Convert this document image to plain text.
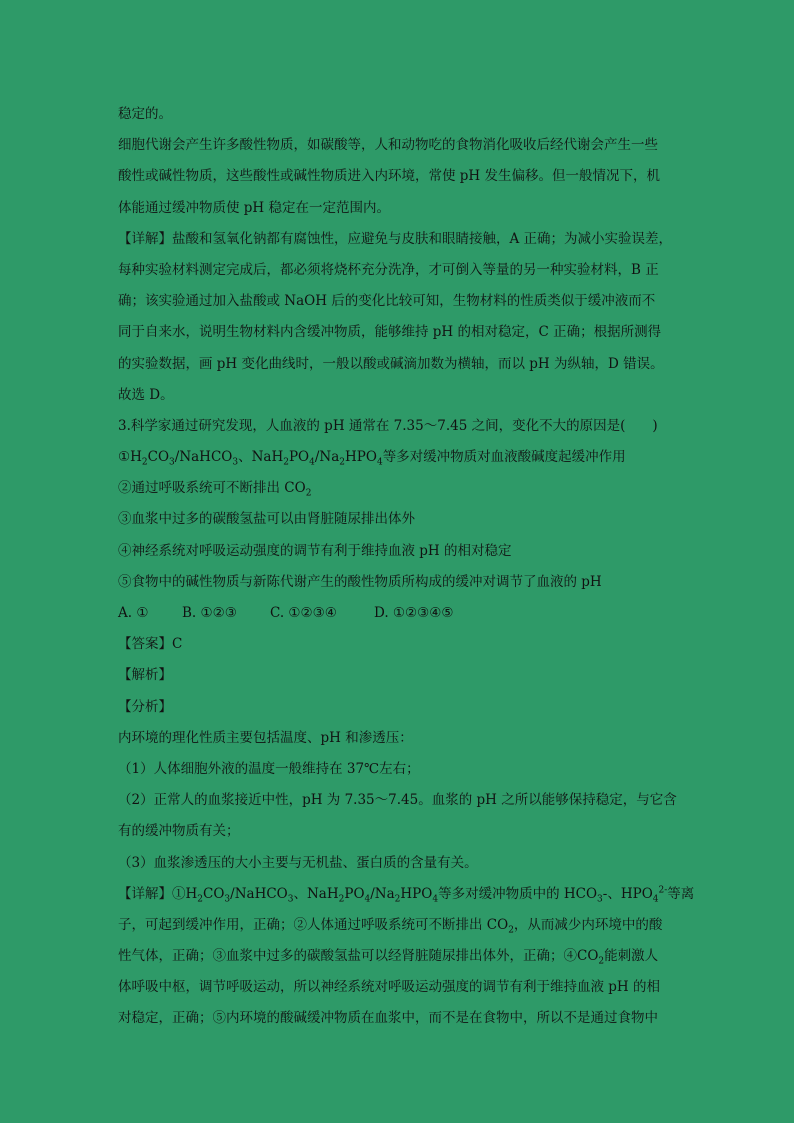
稳定的。
细胞代谢会产生许多酸性物质，如碳酸等，人和动物吃的食物消化吸收后经代谢会产生一些
酸性或碱性物质，这些酸性或碱性物质进入内环境，常使 pH 发生偏移。但一般情况下，机
体能通过缓冲物质使 pH 稳定在一定范围内。
【详解】盐酸和氢氧化钠都有腐蚀性，应避免与皮肤和眼睛接触，A 正确；为减小实验误差，
每种实验材料测定完成后，都必须将烧杯充分洗净，才可倒入等量的另一种实验材料，B 正
确；该实验通过加入盐酸或 NaOH 后的变化比较可知，生物材料的性质类似于缓冲液而不
同于自来水，说明生物材料内含缓冲物质，能够维持 pH 的相对稳定，C 正确；根据所测得
的实验数据，画 pH 变化曲线时，一般以酸或碱滴加数为横轴，而以 pH 为纵轴，D 错误。
故选 D。
3.科学家通过研究发现，人血液的 pH 通常在 7.35～7.45 之间，变化不大的原因是(　　)
$①H_2CO_3/NaHCO_3$、$NaH_2PO_4/Na_2HPO_4$等多对缓冲物质对血液酸碱度起缓冲作用
②通过呼吸系统可不断排出 $CO_2$
③血浆中过多的碳酸氢盐可以由肾脏随尿排出体外
④神经系统对呼吸运动强度的调节有利于维持血液 pH 的相对稳定
⑤食物中的碱性物质与新陈代谢产生的酸性物质所构成的缓冲对调节了血液的 pH
A. ① B. ①②③ C. ①②③④	D. ①②③④⑤
【答案】C
【解析】
【分析】
内环境的理化性质主要包括温度、pH 和渗透压：
（1）人体细胞外液的温度一般维持在 37℃左右；
（2）正常人的血浆接近中性，pH 为 7.35～7.45。血浆的 pH 之所以能够保持稳定，与它含
有的缓冲物质有关；
（3）血浆渗透压的大小主要与无机盐、蛋白质的含量有关。
【详解】$①H_2CO_3/NaHCO_3$、$NaH_2PO_4/Na_2HPO_4$等多对缓冲物质中的 $HCO_3-$、$HPO_4^{2-}$等离
子，可起到缓冲作用，正确；②人体通过呼吸系统可不断排出 $CO_2$，从而减少内环境中的酸
性气体，正确；③血浆中过多的碳酸氢盐可以经肾脏随尿排出体外，正确；$④CO_2$能刺激人
体呼吸中枢，调节呼吸运动，所以神经系统对呼吸运动强度的调节有利于维持血液 pH 的相
对稳定，正确；⑤内环境的酸碱缓冲物质在血浆中，而不是在食物中，所以不是通过食物中
